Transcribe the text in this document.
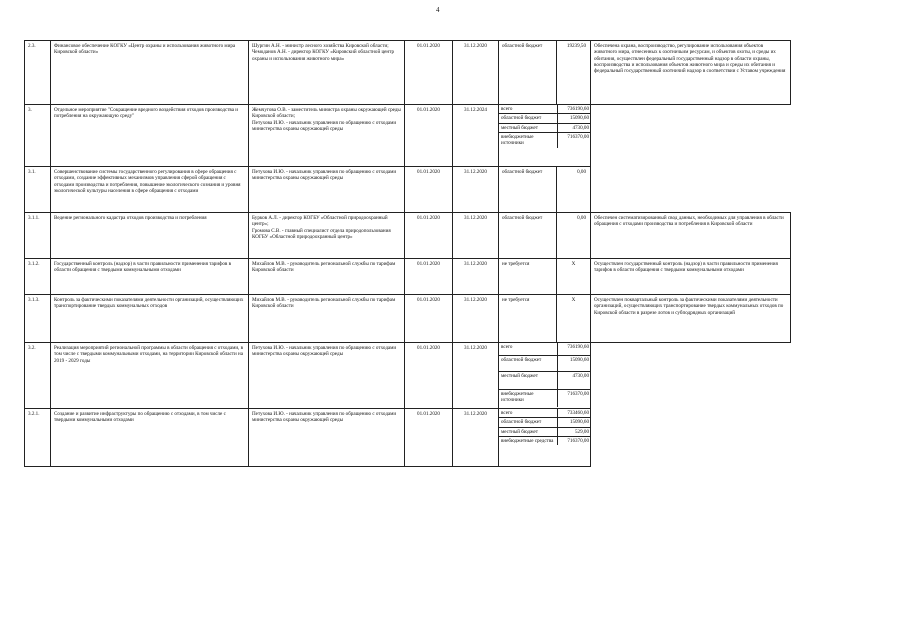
4
2.3.	Финансовое обеспечение КОГКУ «Центр охраны и использования животного мира Кировской области»	Шургин А.Н. - министр лесного хозяйства Кировской области;
Чемоданов А.Н. - директор КОГКУ «Кировский областной центр охраны и использования животного мира»	01.01.2020	31.12.2020	областной бюджет	19239,50	Обеспечена охрана, воспроизводство, регулирование использования объектов животного мира, отнесенных к охотничьим ресурсам, и объектов охоты, и среды их обитания, осуществлен федеральный государственный надзор в области охраны, воспроизводства и использования объектов животного мира и среды их обитания и федеральный государственный охотничий надзор в соответствии с Уставом учреждения
3.	Отдельное мероприятие "Сокращение вредного воздействия отходов производства и потребления на окружающую среду"	Жемчугова О.В. - заместитель министра охраны окружающей среды Кировской области;
Петухова И.Ю. - начальник управления по обращению с отходами министерства охраны окружающей среды	01.01.2020	31.12.2024		всего	736190,60
областной бюджет	15090,60
местный бюджет	4730,00
внебюджетные источники	716370,00

3.1.	Совершенствование системы государственного регулирования в сфере обращения с отходами, создание эффективных механизмов управления сферой обращения с отходами производства и потребления, повышение экологического сознания и уровня экологической культуры населения в сфере обращения с отходами	Петухова И.Ю. - начальник управления по обращению с отходами министерства охраны окружающей среды	01.01.2020	31.12.2020	областной бюджет	0,00	
3.1.1.	Ведение регионального кадастра отходов производства и потребления	Бурков А.Л. - директор КОГБУ «Областной природоохранный центр»;
Громова С.В. - главный специалист отдела природопользования КОГБУ «Областной природоохранный центр»	01.01.2020	31.12.2020	областной бюджет	0,00	Обеспечен систематизированный свод данных, необходимых для управления в области обращения с отходами производства и потребления в Кировской области
3.1.2.	Государственный контроль (надзор) в части правильности применения тарифов в области обращения с твердыми коммунальными отходами	Михайлов М.В. - руководитель региональной службы по тарифам Кировской области	01.01.2020	31.12.2020	не требуется	Х	Осуществлен государственный контроль (надзор) в части правильности применения тарифов в области обращения с твердыми коммунальными отходами
3.1.3.	Контроль за фактическими показателями деятельности организаций, осуществляющих транспортирование твердых коммунальных отходов	Михайлов М.В. - руководитель региональной службы по тарифам Кировской области	01.01.2020	31.12.2020	не требуется	Х	Осуществлен поквартальный контроль за фактическими показателями деятельности организаций, осуществляющих транспортирование твердых коммунальных отходов по Кировской области в разрезе лотов и субподрядных организаций
3.2.	Реализация мероприятий региональной программы в области обращения с отходами, в том числе с твердыми коммунальными отходами, на территории Кировской области на 2019 - 2029 годы	Петухова И.Ю. - начальник управления по обращению с отходами министерства охраны окружающей среды	01.01.2020	31.12.2020		всего	736190,60
областной бюджет	15090,60
местный бюджет	4730,00
внебюджетные источники	716370,00

3.2.1.	Создание и развитие инфраструктуры по обращению с отходами, в том числе с твердыми коммунальными отходами	Петухова И.Ю. - начальник управления по обращению с отходами министерства охраны окружающей среды	01.01.2020	31.12.2020		всего	733460,60
областной бюджет	15090,60
местный бюджет	529,00
внебюджетные средства	716370,00
